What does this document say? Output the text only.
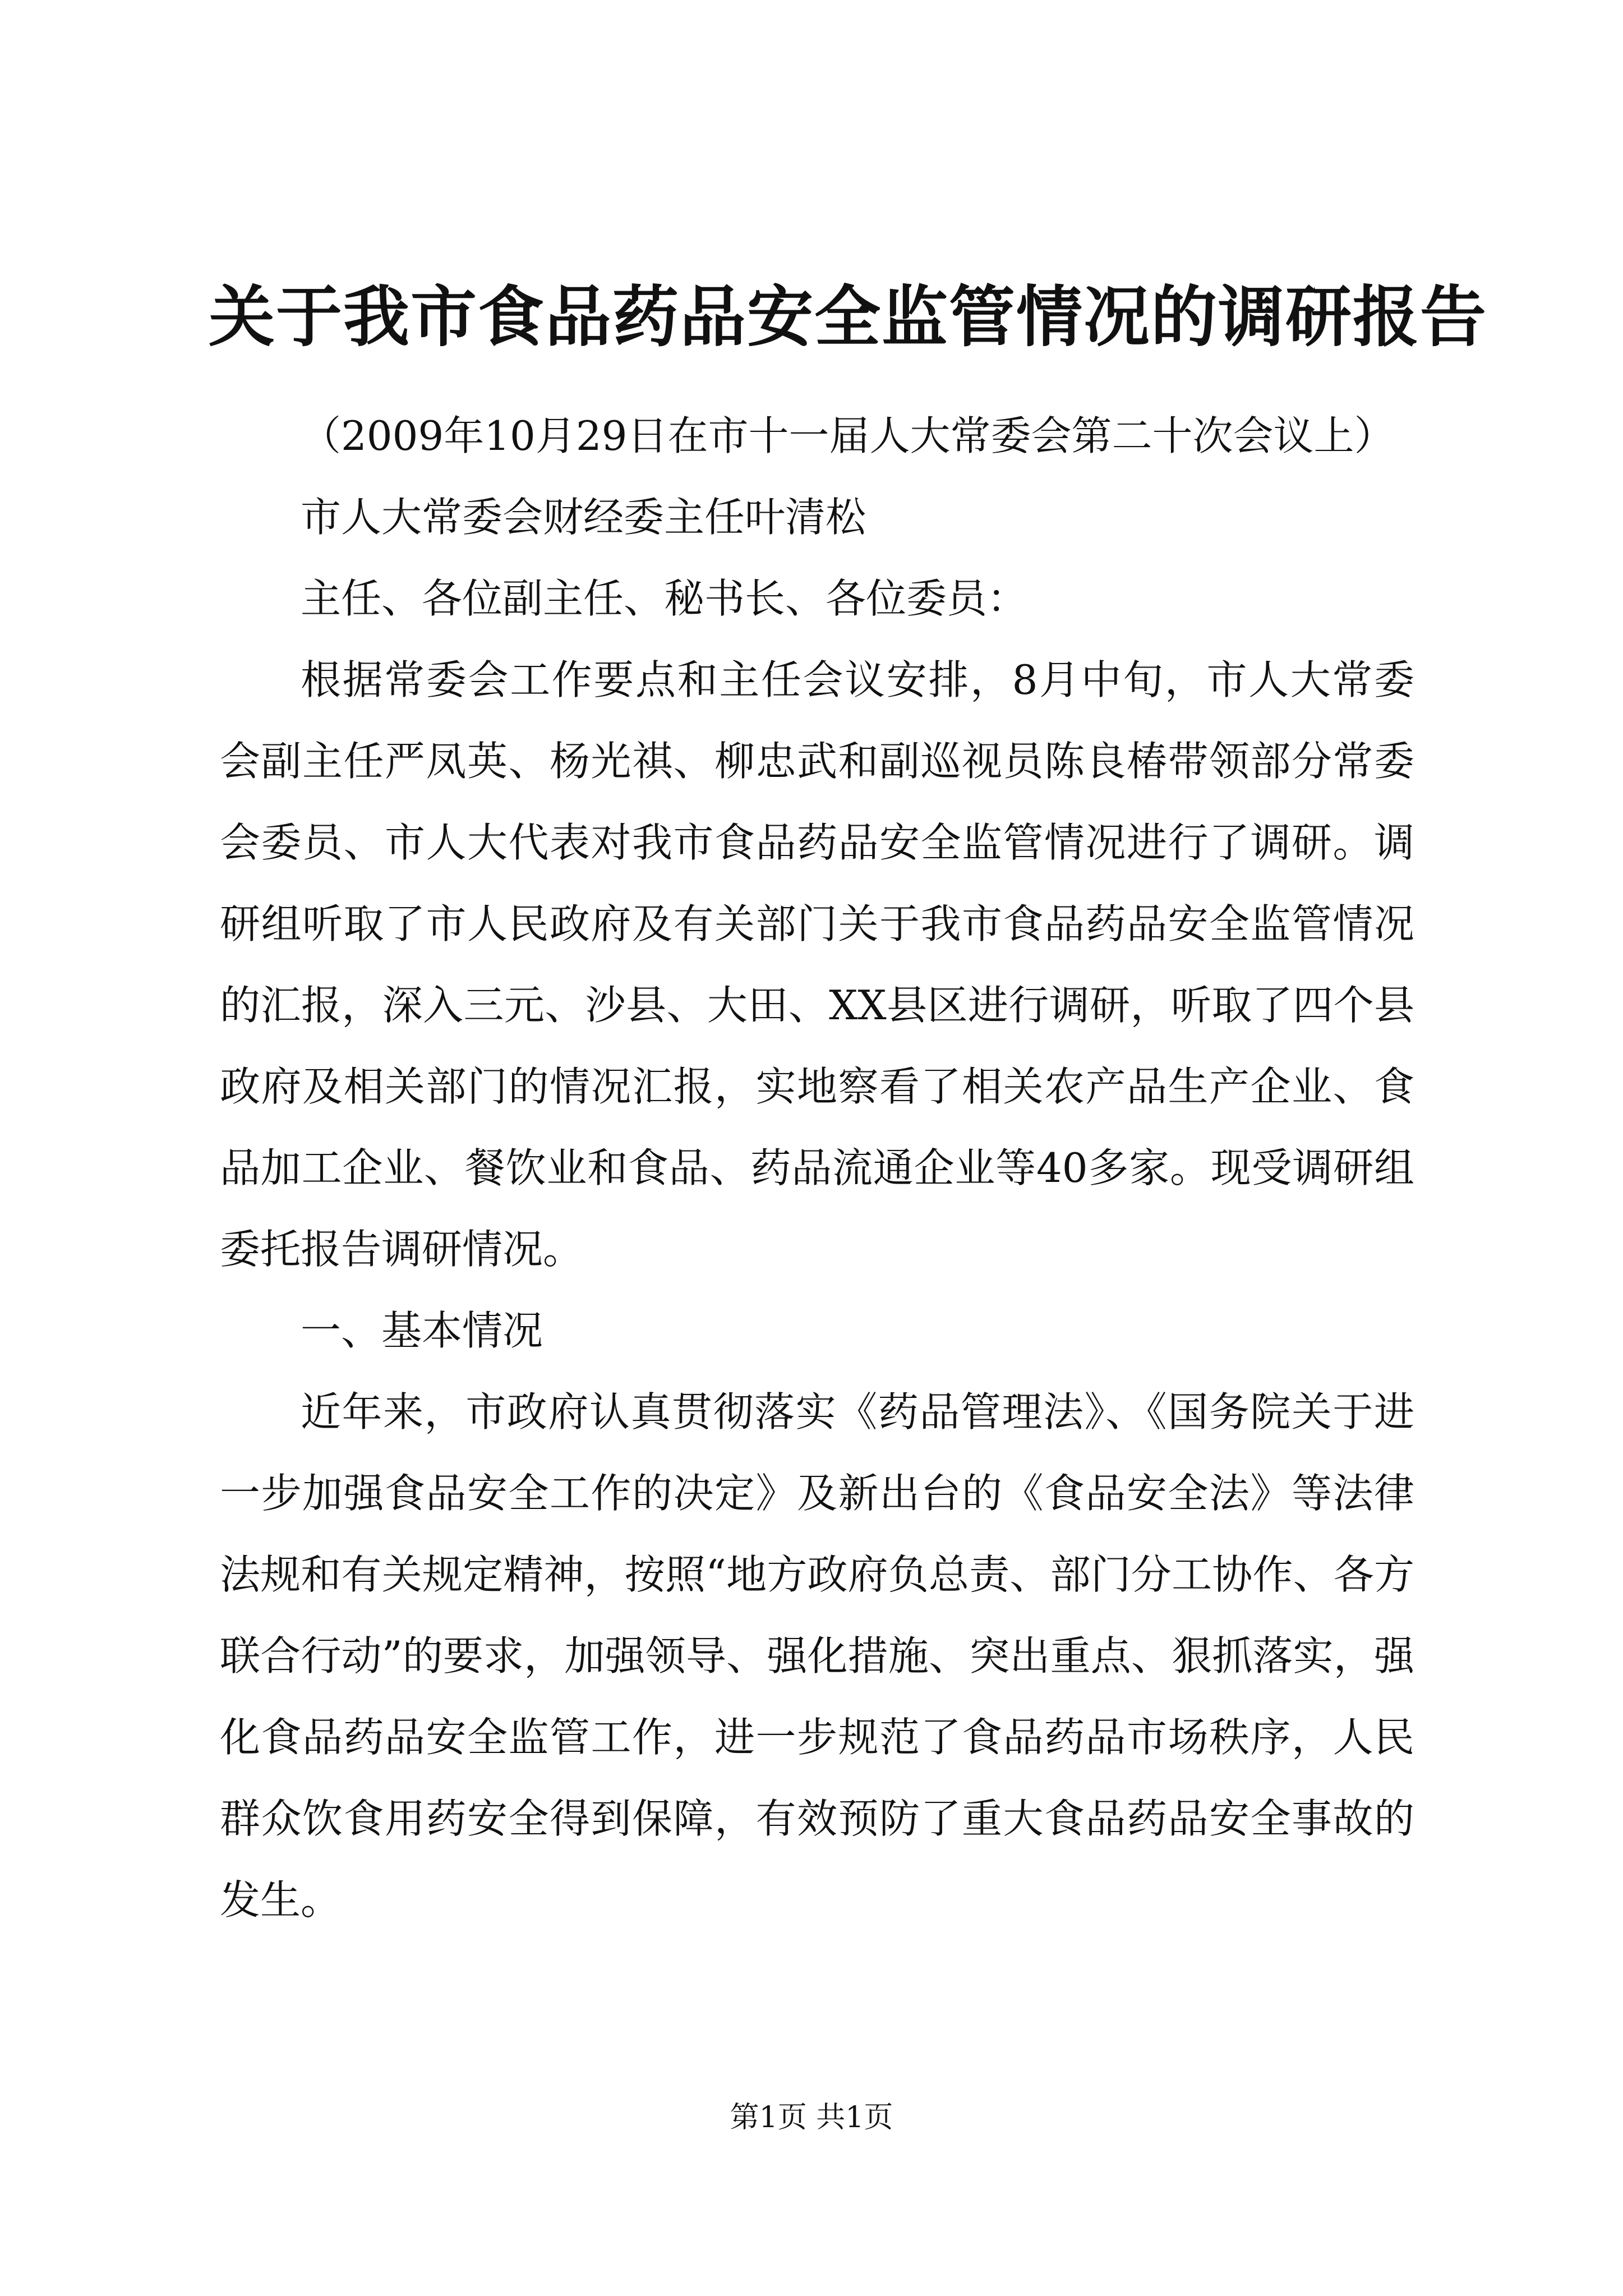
关于我市食品药品安全监管情况的调研报告

（2009年10月29日在市十一届人大常委会第二十次会议上）

市人大常委会财经委主任叶清松

主任、各位副主任、秘书长、各位委员：

根据常委会工作要点和主任会议安排，8月中旬，市人大常委会副主任严凤英、杨光祺、柳忠武和副巡视员陈良椿带领部分常委会委员、市人大代表对我市食品药品安全监管情况进行了调研。调研组听取了市人民政府及有关部门关于我市食品药品安全监管情况的汇报，深入三元、沙县、大田、XX县区进行调研，听取了四个县政府及相关部门的情况汇报，实地察看了相关农产品生产企业、食品加工企业、餐饮业和食品、药品流通企业等40多家。现受调研组委托报告调研情况。

一、基本情况

近年来，市政府认真贯彻落实《药品管理法》、《国务院关于进一步加强食品安全工作的决定》及新出台的《食品安全法》等法律法规和有关规定精神，按照“地方政府负总责、部门分工协作、各方联合行动”的要求，加强领导、强化措施、突出重点、狠抓落实，强化食品药品安全监管工作，进一步规范了食品药品市场秩序，人民群众饮食用药安全得到保障，有效预防了重大食品药品安全事故的发生。

第1页 共1页
